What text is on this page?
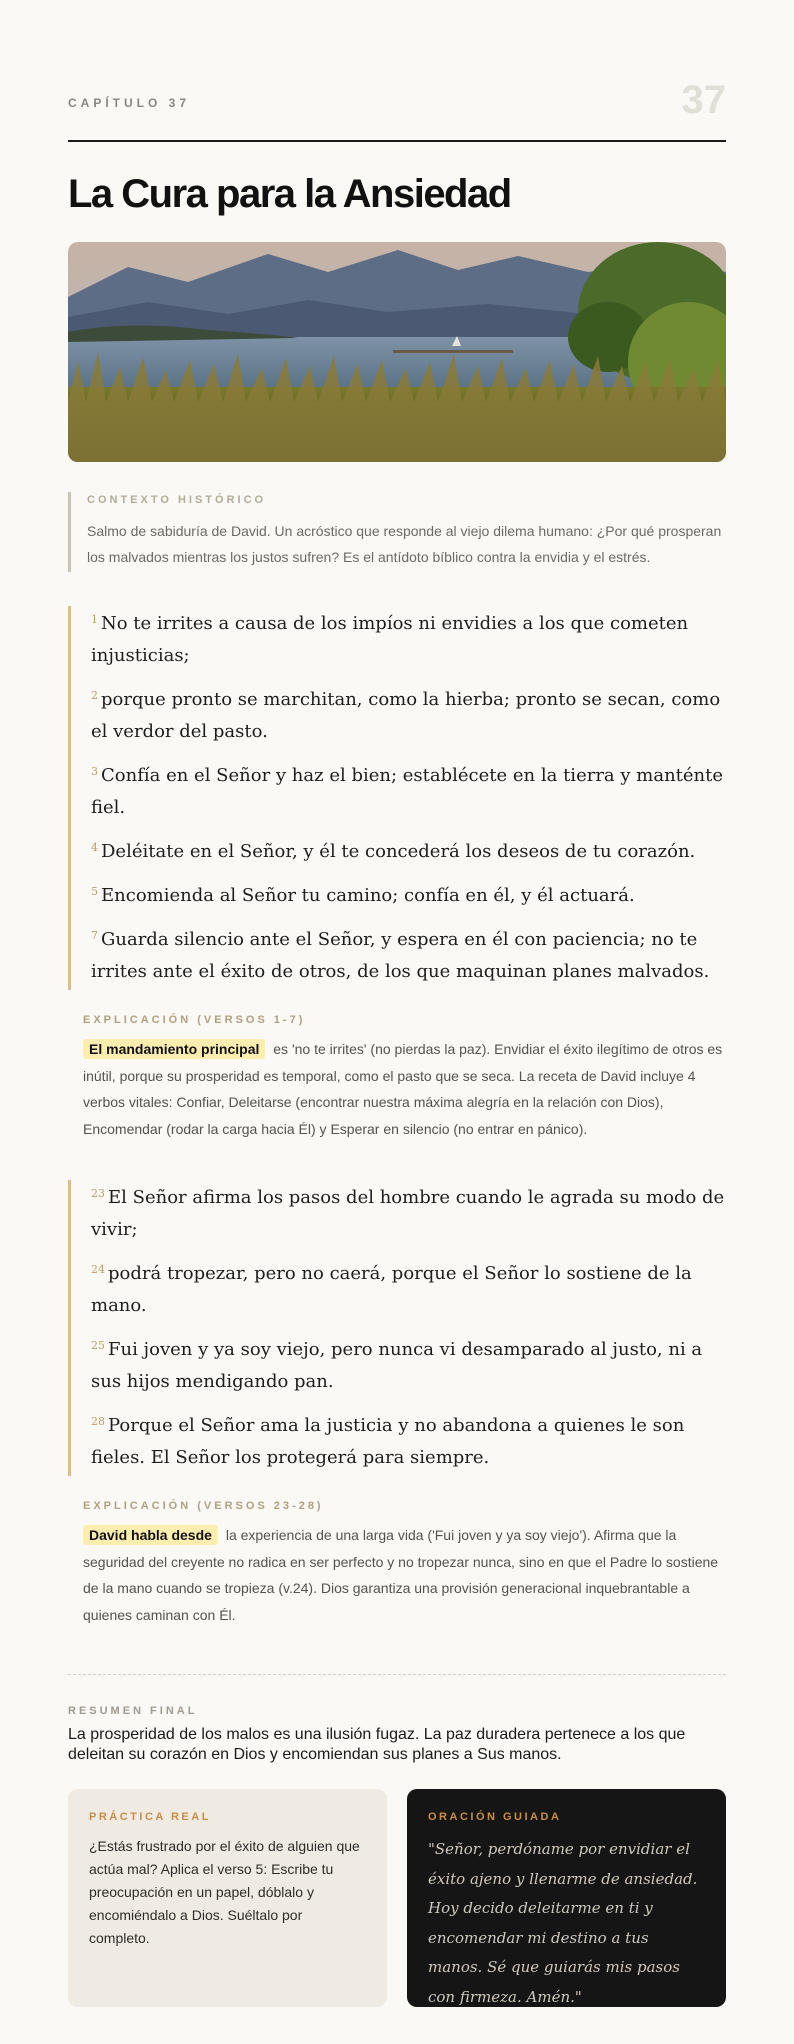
CAPÍTULO 37	37
La Cura para la Ansiedad
CONTEXTO HISTÓRICO
Salmo de sabiduría de David. Un acróstico que responde al viejo dilema humano: ¿Por qué prosperan los malvados mientras los justos sufren? Es el antídoto bíblico contra la envidia y el estrés.

$^1$ No te irrites a causa de los impíos ni envidies a los que cometen injusticias;

$^2$ porque pronto se marchitan, como la hierba; pronto se secan, como el verdor del pasto.

$^3$ Confía en el Señor y haz el bien; establécete en la tierra y manténte fiel.

$^4$ Deléitate en el Señor, y él te concederá los deseos de tu corazón.

$^5$ Encomienda al Señor tu camino; confía en él, y él actuará.

$^7$ Guarda silencio ante el Señor, y espera en él con paciencia; no te irrites ante el éxito de otros, de los que maquinan planes malvados.

EXPLICACIÓN (VERSOS 1-7)
El mandamiento principal es 'no te irrites' (no pierdas la paz). Envidiar el éxito ilegítimo de otros es inútil, porque su prosperidad es temporal, como el pasto que se seca. La receta de David incluye 4 verbos vitales: Confiar, Deleitarse (encontrar nuestra máxima alegría en la relación con Dios), Encomendar (rodar la carga hacia Él) y Esperar en silencio (no entrar en pánico).

$^{23}$ El Señor afirma los pasos del hombre cuando le agrada su modo de vivir;

$^{24}$ podrá tropezar, pero no caerá, porque el Señor lo sostiene de la mano.

$^{25}$ Fui joven y ya soy viejo, pero nunca vi desamparado al justo, ni a sus hijos mendigando pan.

$^{28}$ Porque el Señor ama la justicia y no abandona a quienes le son fieles. El Señor los protegerá para siempre.

EXPLICACIÓN (VERSOS 23-28)
David habla desde la experiencia de una larga vida ('Fui joven y ya soy viejo'). Afirma que la seguridad del creyente no radica en ser perfecto y no tropezar nunca, sino en que el Padre lo sostiene de la mano cuando se tropieza (v.24). Dios garantiza una provisión generacional inquebrantable a quienes caminan con Él.
RESUMEN FINAL
La prosperidad de los malos es una ilusión fugaz. La paz duradera pertenece a los que deleitan su corazón en Dios y encomiendan sus planes a Sus manos.
PRÁCTICA REAL
¿Estás frustrado por el éxito de alguien que actúa mal? Aplica el verso 5: Escribe tu preocupación en un papel, dóblalo y encomiéndalo a Dios. Suéltalo por completo.
ORACIÓN GUIADA
"Señor, perdóname por envidiar el éxito ajeno y llenarme de ansiedad. Hoy decido deleitarme en ti y encomendar mi destino a tus manos. Sé que guiarás mis pasos con firmeza. Amén."
